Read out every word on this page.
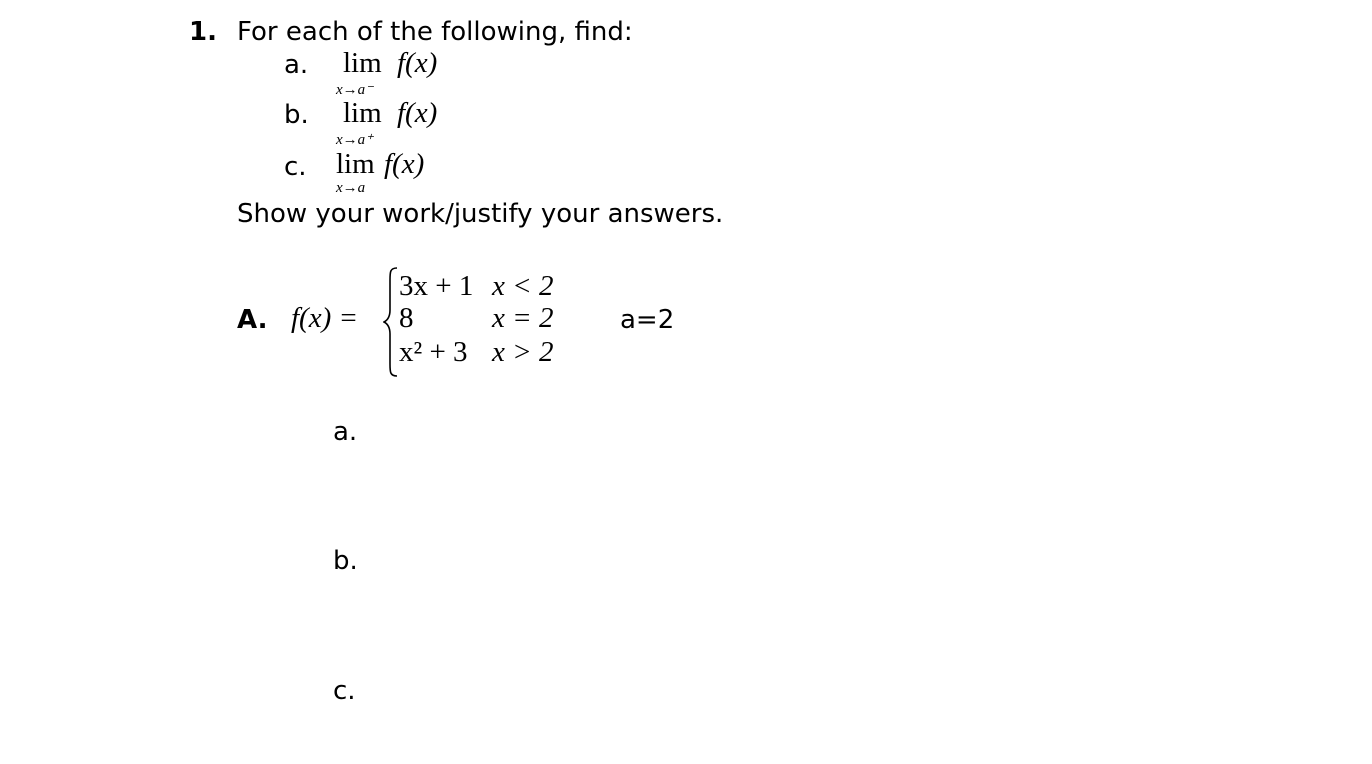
1. For each of the following, find:
a. lim
x→a⁻
f(x)
b. lim
x→a⁺
f(x)
c. lim
x→a
f(x)
Show your work/justify your answers.
A. f(x) =
3x + 1 x < 2
8	x = 2
x² + 3 x > 2
a=2
a.
b.
c.
